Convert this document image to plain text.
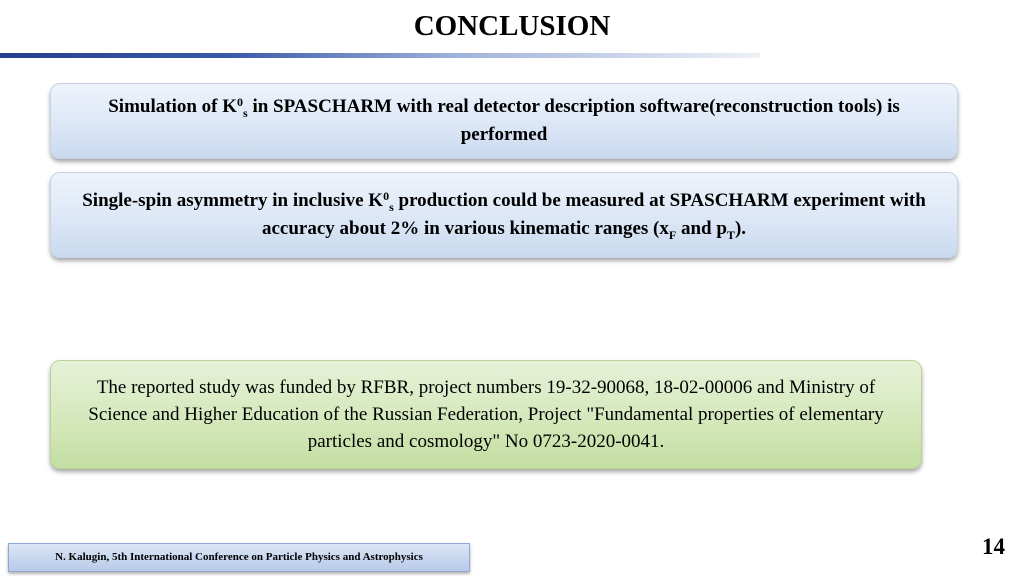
CONCLUSION

Simulation of $K^0_s$ in SPASCHARM with real detector description software(reconstruction tools) is performed

Single-spin asymmetry in inclusive $K^0_s$ production could be measured at SPASCHARM experiment with accuracy about 2% in various kinematic ranges ($x_F$ and $p_T$).

The reported study was funded by RFBR, project numbers 19-32-90068, 18-02-00006 and Ministry of Science and Higher Education of the Russian Federation, Project "Fundamental properties of elementary particles and cosmology" No 0723-2020-0041.

N. Kalugin, 5th International Conference on Particle Physics and Astrophysics	14
